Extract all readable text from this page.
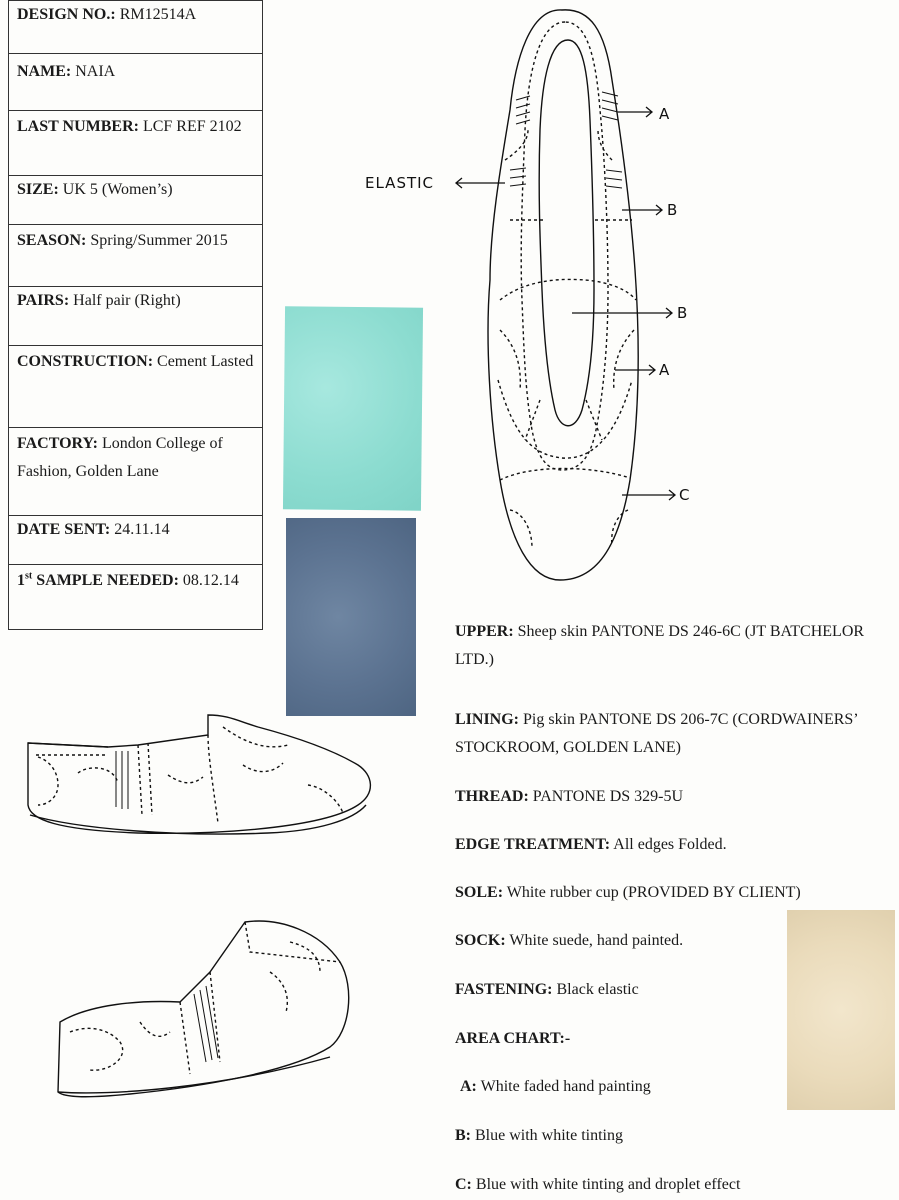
DESIGN NO.: RM12514A
NAME: NAIA
LAST NUMBER: LCF REF 2102
SIZE: UK 5 (Women’s)
SEASON: Spring/Summer 2015
PAIRS: Half pair (Right)
CONSTRUCTION: Cement Lasted
FACTORY: London College of Fashion, Golden Lane
DATE SENT: 24.11.14
1st SAMPLE NEEDED: 08.12.14
A
ELASTIC
B
B
A
C
UPPER: Sheep skin PANTONE DS 246-6C (JT BATCHELOR LTD.)
LINING: Pig skin PANTONE DS 206-7C (CORDWAINERS’ STOCKROOM, GOLDEN LANE)
THREAD: PANTONE DS 329-5U
EDGE TREATMENT: All edges Folded.
SOLE: White rubber cup (PROVIDED BY CLIENT)
SOCK: White suede, hand painted.
FASTENING: Black elastic
AREA CHART:-
A: White faded hand painting
B: Blue with white tinting
C: Blue with white tinting and droplet effect
